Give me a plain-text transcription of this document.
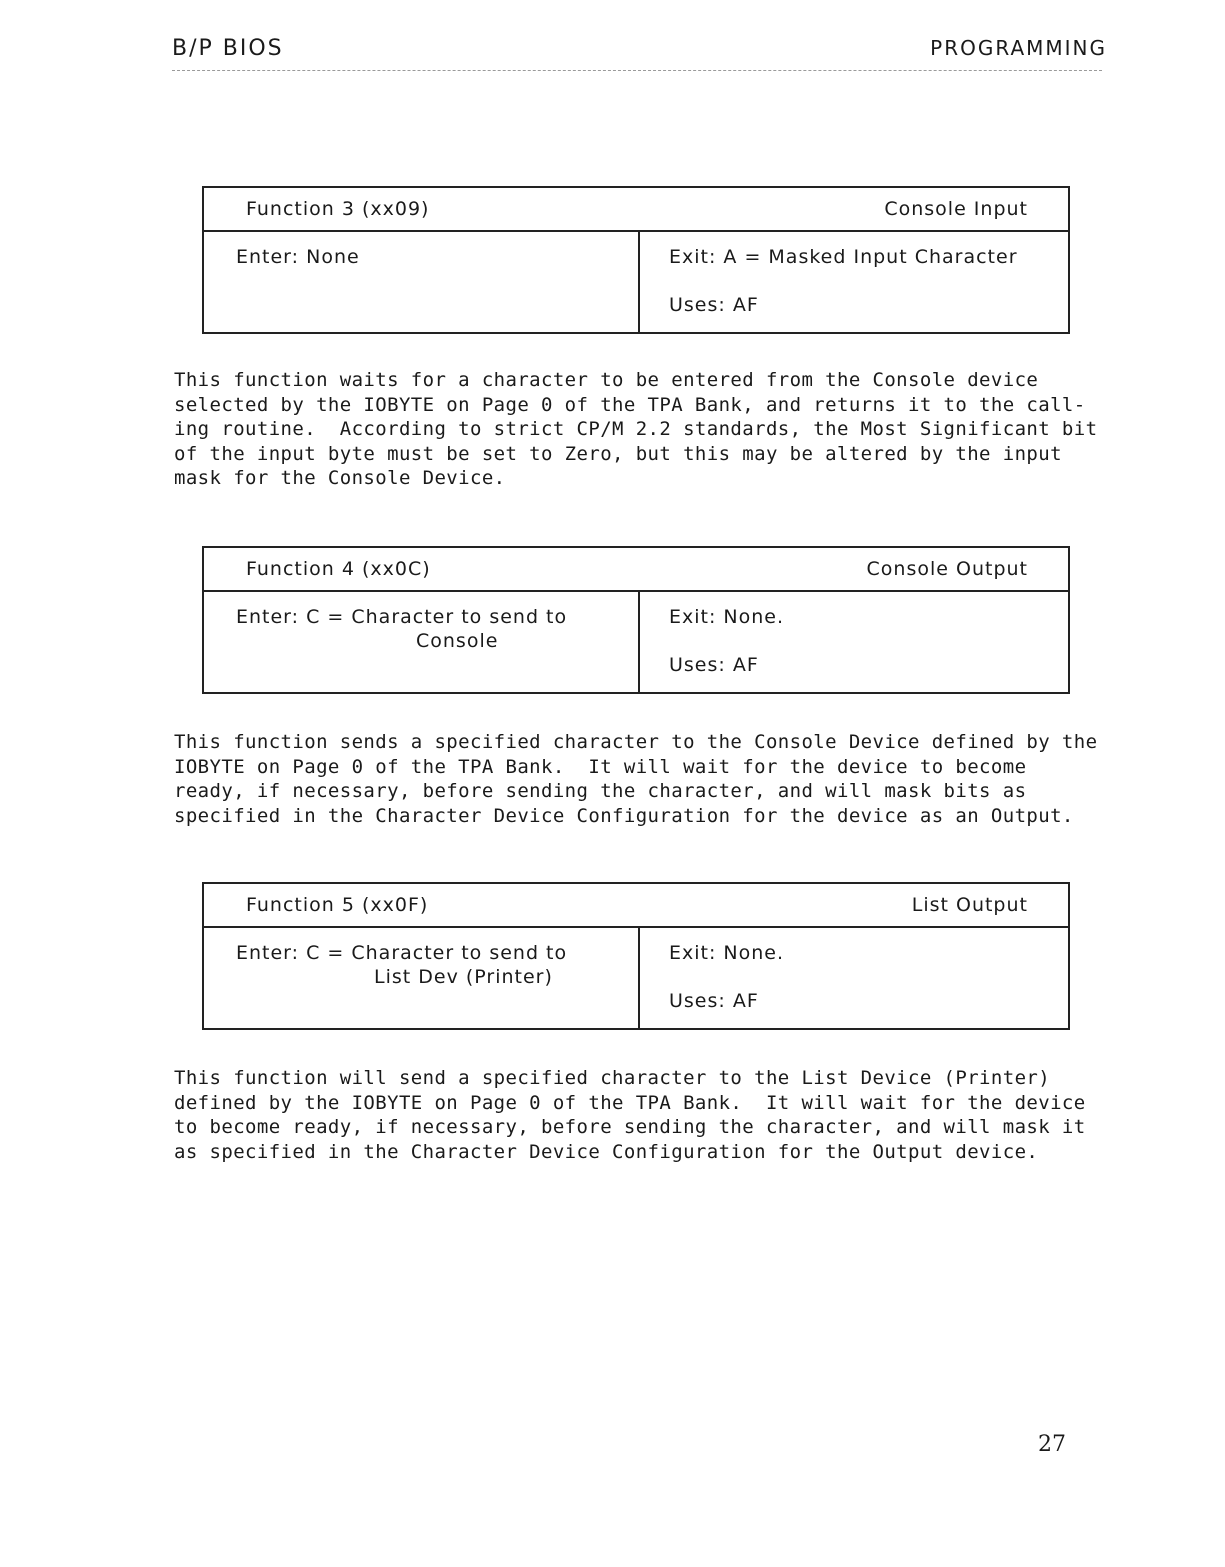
B/P BIOS	PROGRAMMING
Function 3 (xx09)	Console Input
Enter: None	Exit: A = Masked Input Character
Uses: AF
This function waits for a character to be entered from the Console device
selected by the IOBYTE on Page 0 of the TPA Bank, and returns it to the call-
ing routine.  According to strict CP/M 2.2 standards, the Most Significant bit
of the input byte must be set to Zero, but this may be altered by the input
mask for the Console Device.
Function 4 (xx0C)	Console Output
Enter: C = Character to send to
Console
Exit: None.
Uses: AF
This function sends a specified character to the Console Device defined by the
IOBYTE on Page 0 of the TPA Bank.  It will wait for the device to become
ready, if necessary, before sending the character, and will mask bits as
specified in the Character Device Configuration for the device as an Output.
Function 5 (xx0F)	List Output
Enter: C = Character to send to
List Dev (Printer)
Exit: None.
Uses: AF
This function will send a specified character to the List Device (Printer)
defined by the IOBYTE on Page 0 of the TPA Bank.  It will wait for the device
to become ready, if necessary, before sending the character, and will mask it
as specified in the Character Device Configuration for the Output device.
27
